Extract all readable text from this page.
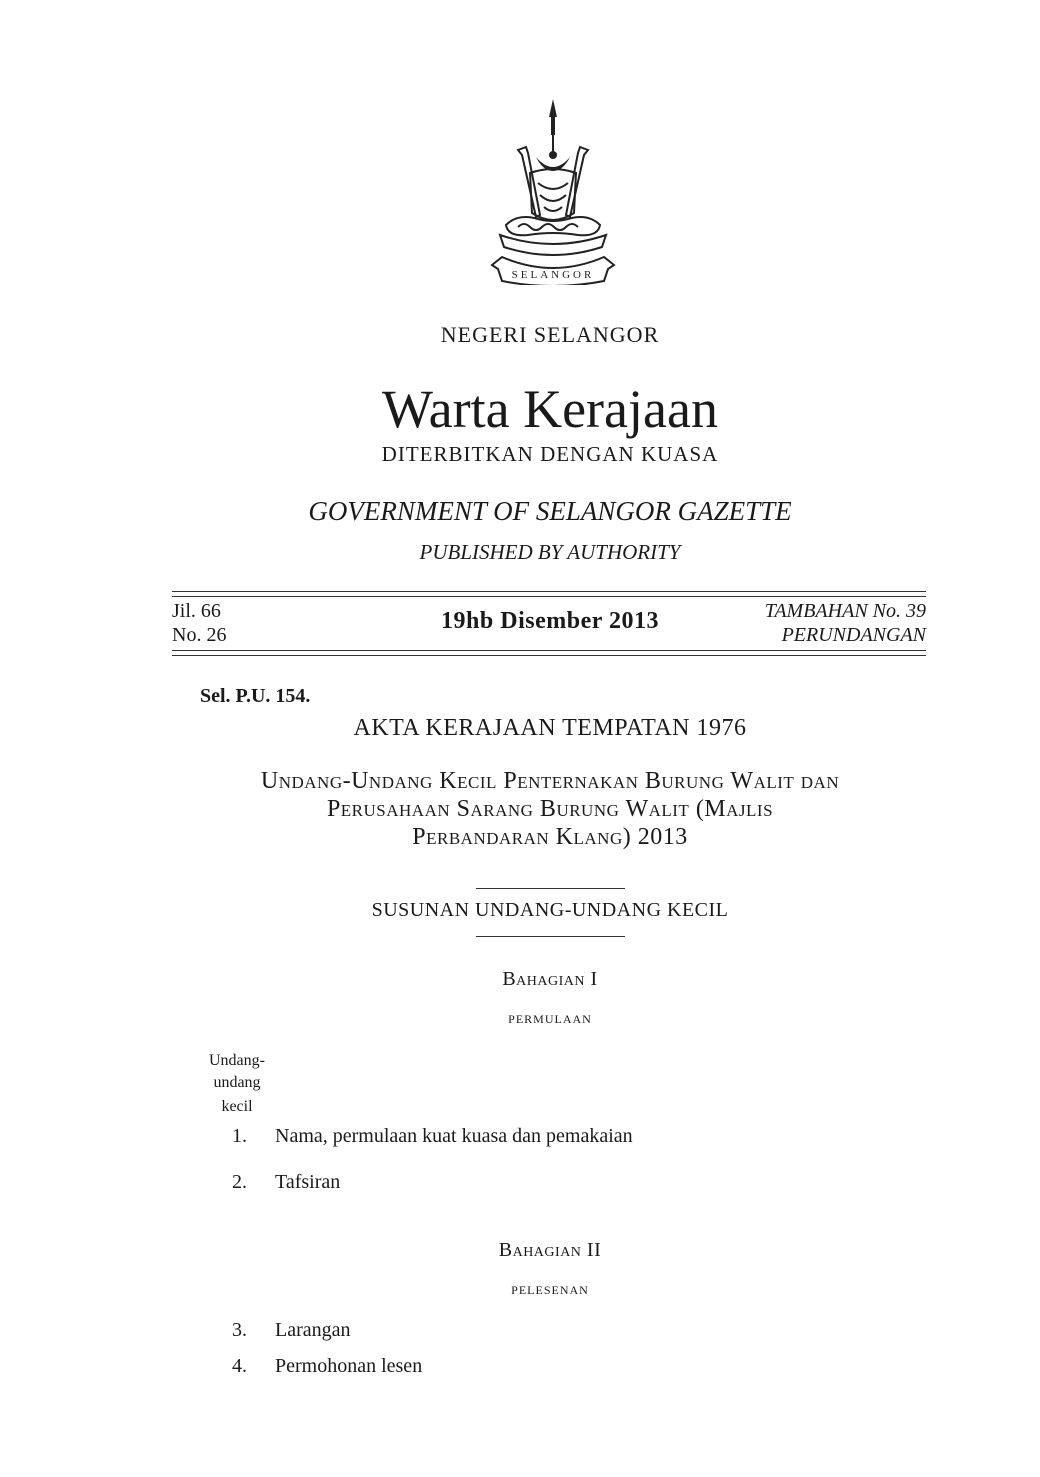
SELANGOR
NEGERI SELANGOR
Warta Kerajaan
DITERBITKAN DENGAN KUASA
GOVERNMENT OF SELANGOR GAZETTE
PUBLISHED BY AUTHORITY
Jil. 66
No. 26
19hb Disember 2013	TAMBAHAN No. 39
PERUNDANGAN
Sel. P.U. 154.
AKTA KERAJAAN TEMPATAN 1976
Undang-Undang Kecil Penternakan Burung Walit dan
Perusahaan Sarang Burung Walit (Majlis
Perbandaran Klang) 2013
SUSUNAN UNDANG-UNDANG KECIL
Bahagian I
permulaan
Undang-
undang
kecil
1. Nama, permulaan kuat kuasa dan pemakaian
2. Tafsiran
Bahagian II
pelesenan
3. Larangan
4. Permohonan lesen
